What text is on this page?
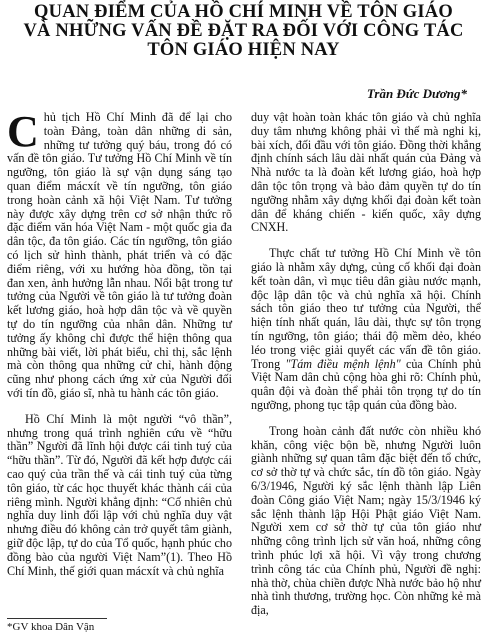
QUAN ĐIỂM CỦA HỒ CHÍ MINH VỀ TÔN GIÁO
VÀ NHỮNG VẤN ĐỀ ĐẶT RA ĐỐI VỚI CÔNG TÁC
TÔN GIÁO HIỆN NAY
Trần Đức Dương*

Chủ tịch Hồ Chí Minh đã để lại cho toàn Đảng, toàn dân những di sản, những tư tưởng quý báu, trong đó có vấn đề tôn giáo. Tư tưởng Hồ Chí Minh về tín ngưỡng, tôn giáo là sự vận dụng sáng tạo quan điểm mácxít về tín ngưỡng, tôn giáo trong hoàn cảnh xã hội Việt Nam. Tư tưởng này được xây dựng trên cơ sở nhận thức rõ đặc điểm văn hóa Việt Nam - một quốc gia đa dân tộc, đa tôn giáo. Các tín ngưỡng, tôn giáo có lịch sử hình thành, phát triển và có đặc điểm riêng, với xu hướng hòa đồng, tồn tại đan xen, ảnh hưởng lẫn nhau. Nổi bật trong tư tưởng của Người về tôn giáo là tư tưởng đoàn kết lương giáo, hoà hợp dân tộc và về quyền tự do tín ngưỡng của nhân dân. Những tư tưởng ấy không chỉ được thể hiện thông qua những bài viết, lời phát biểu, chỉ thị, sắc lệnh mà còn thông qua những cử chỉ, hành động cũng như phong cách ứng xử của Người đối với tín đồ, giáo sĩ, nhà tu hành các tôn giáo.

Hồ Chí Minh là một người “vô thần”, nhưng trong quá trình nghiên cứu về “hữu thần” Người đã lĩnh hội được cái tinh tuý của “hữu thần”. Từ đó, Người đã kết hợp được cái cao quý của trần thế và cái tinh tuý của từng tôn giáo, từ các học thuyết khác thành cái của riêng mình. Người khẳng định: “Cố nhiên chủ nghĩa duy linh đối lập với chủ nghĩa duy vật nhưng điều đó không cản trở quyết tâm giành, giữ độc lập, tự do của Tổ quốc, hạnh phúc cho đồng bào của người Việt Nam”(1). Theo Hồ Chí Minh, thế giới quan mácxít và chủ nghĩa

duy vật hoàn toàn khác tôn giáo và chủ nghĩa duy tâm nhưng không phải vì thế mà nghi kị, bài xích, đối đầu với tôn giáo. Đồng thời khẳng định chính sách lâu dài nhất quán của Đảng và Nhà nước ta là đoàn kết lương giáo, hoà hợp dân tộc tôn trọng và bảo đảm quyền tự do tín ngưỡng nhằm xây dựng khối đại đoàn kết toàn dân để kháng chiến - kiến quốc, xây dựng CNXH.

Thực chất tư tưởng Hồ Chí Minh về tôn giáo là nhằm xây dựng, củng cố khối đại đoàn kết toàn dân, vì mục tiêu dân giàu nước mạnh, độc lập dân tộc và chủ nghĩa xã hội. Chính sách tôn giáo theo tư tưởng của Người, thể hiện tính nhất quán, lâu dài, thực sự tôn trọng tín ngưỡng, tôn giáo; thái độ mềm dẻo, khéo léo trong việc giải quyết các vấn đề tôn giáo. Trong "Tám điều mệnh lệnh" của Chính phủ Việt Nam dân chủ cộng hòa ghi rõ: Chính phủ, quân đội và đoàn thể phải tôn trọng tự do tín ngưỡng, phong tục tập quán của đồng bào.

Trong hoàn cảnh đất nước còn nhiều khó khăn, công việc bộn bề, nhưng Người luôn giành những sự quan tâm đặc biệt đến tổ chức, cơ sở thờ tự và chức sắc, tín đồ tôn giáo. Ngày 6/3/1946, Người ký sắc lệnh thành lập Liên đoàn Công giáo Việt Nam; ngày 15/3/1946 ký sắc lệnh thành lập Hội Phật giáo Việt Nam. Người xem cơ sở thờ tự của tôn giáo như những công trình lịch sử văn hoá, những công trình phúc lợi xã hội. Vì vậy trong chương trình công tác của Chính phủ, Người đề nghị: nhà thờ, chùa chiền được Nhà nước bảo hộ như nhà tình thương, trường học. Còn những kẻ mà địa,

*GV khoa Dân Vận
